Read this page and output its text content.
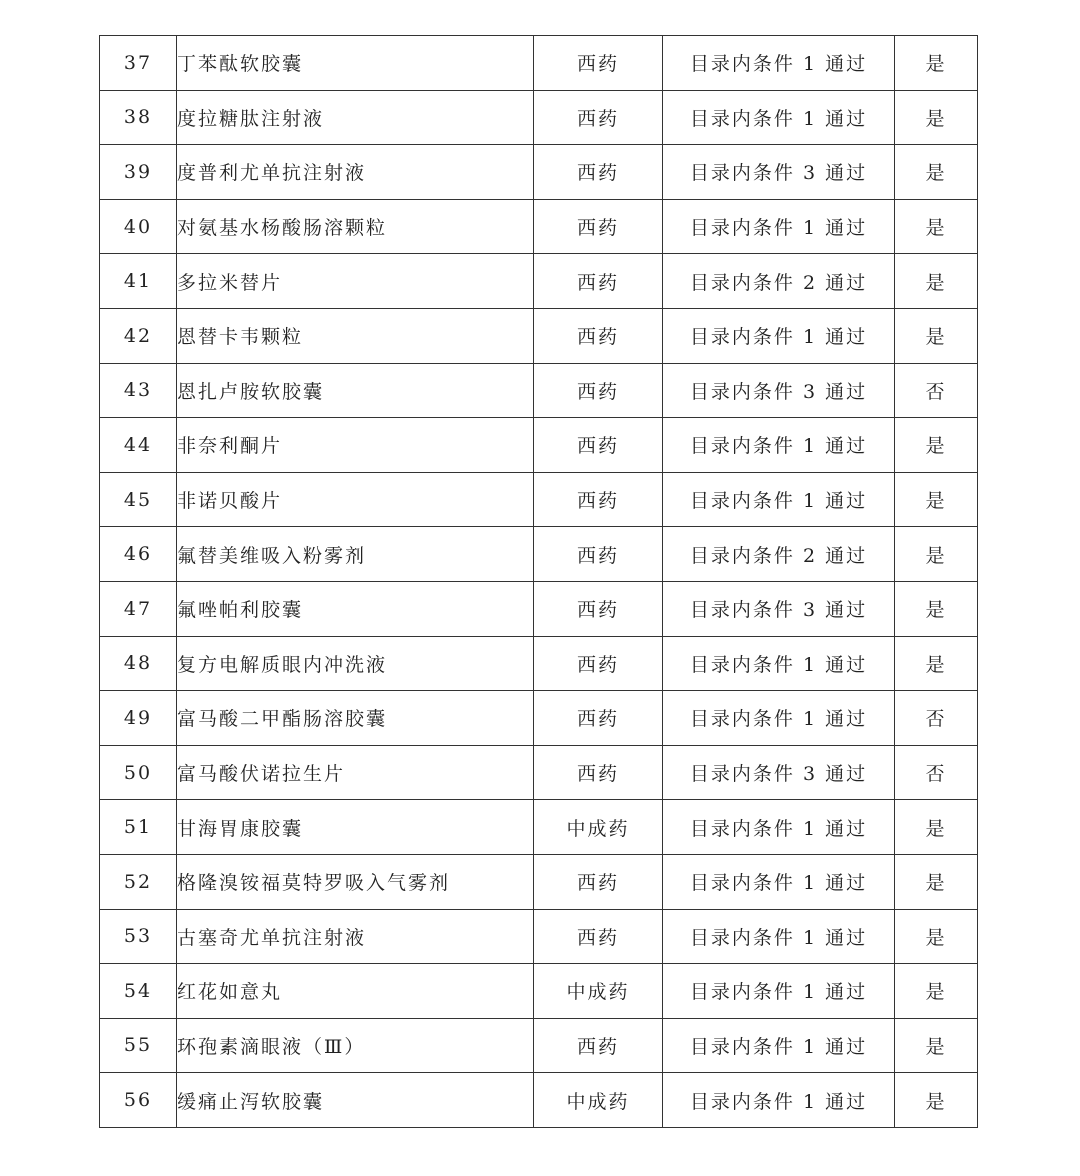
37	丁苯酞软胶囊	西药	目录内条件 1 通过	是
38	度拉糖肽注射液	西药	目录内条件 1 通过	是
39	度普利尤单抗注射液	西药	目录内条件 3 通过	是
40	对氨基水杨酸肠溶颗粒	西药	目录内条件 1 通过	是
41	多拉米替片	西药	目录内条件 2 通过	是
42	恩替卡韦颗粒	西药	目录内条件 1 通过	是
43	恩扎卢胺软胶囊	西药	目录内条件 3 通过	否
44	非奈利酮片	西药	目录内条件 1 通过	是
45	非诺贝酸片	西药	目录内条件 1 通过	是
46	氟替美维吸入粉雾剂	西药	目录内条件 2 通过	是
47	氟唑帕利胶囊	西药	目录内条件 3 通过	是
48	复方电解质眼内冲洗液	西药	目录内条件 1 通过	是
49	富马酸二甲酯肠溶胶囊	西药	目录内条件 1 通过	否
50	富马酸伏诺拉生片	西药	目录内条件 3 通过	否
51	甘海胃康胶囊	中成药	目录内条件 1 通过	是
52	格隆溴铵福莫特罗吸入气雾剂	西药	目录内条件 1 通过	是
53	古塞奇尤单抗注射液	西药	目录内条件 1 通过	是
54	红花如意丸	中成药	目录内条件 1 通过	是
55	环孢素滴眼液（Ⅲ）	西药	目录内条件 1 通过	是
56	缓痛止泻软胶囊	中成药	目录内条件 1 通过	是
